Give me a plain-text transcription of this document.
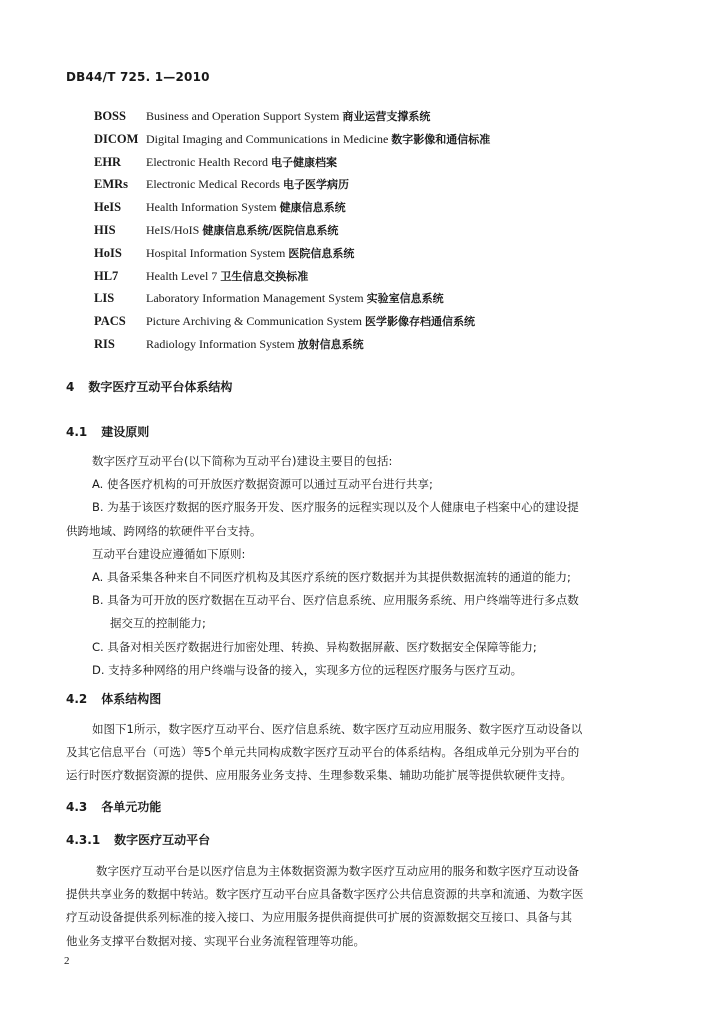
DB44/T 725. 1—2010
BOSS	Business and Operation Support System 商业运营支撑系统
DICOM Digital Imaging and Communications in Medicine 数字影像和通信标准
EHR	Electronic Health Record 电子健康档案
EMRs	Electronic Medical Records 电子医学病历
HeIS	Health Information System 健康信息系统
HIS	HeIS/HoIS 健康信息系统/医院信息系统
HoIS	Hospital Information System 医院信息系统
HL7	Health Level 7 卫生信息交换标准
LIS	Laboratory Information Management System 实验室信息系统
PACS	Picture Archiving & Communication System 医学影像存档通信系统
RIS	Radiology Information System 放射信息系统
4 数字医疗互动平台体系结构
4.1 建设原则
数字医疗互动平台(以下简称为互动平台)建设主要目的包括:
A. 使各医疗机构的可开放医疗数据资源可以通过互动平台进行共享;
B. 为基于该医疗数据的医疗服务开发、医疗服务的远程实现以及个人健康电子档案中心的建设提
供跨地域、跨网络的软硬件平台支持。
互动平台建设应遵循如下原则:
A. 具备采集各种来自不同医疗机构及其医疗系统的医疗数据并为其提供数据流转的通道的能力;
B. 具备为可开放的医疗数据在互动平台、医疗信息系统、应用服务系统、用户终端等进行多点数
据交互的控制能力;
C. 具备对相关医疗数据进行加密处理、转换、异构数据屏蔽、医疗数据安全保障等能力;
D. 支持多种网络的用户终端与设备的接入，实现多方位的远程医疗服务与医疗互动。
4.2 体系结构图
如图下1所示，数字医疗互动平台、医疗信息系统、数字医疗互动应用服务、数字医疗互动设备以
及其它信息平台（可选）等5个单元共同构成数字医疗互动平台的体系结构。各组成单元分别为平台的
运行时医疗数据资源的提供、应用服务业务支持、生理参数采集、辅助功能扩展等提供软硬件支持。
4.3 各单元功能
4.3.1 数字医疗互动平台
数字医疗互动平台是以医疗信息为主体数据资源为数字医疗互动应用的服务和数字医疗互动设备
提供共享业务的数据中转站。数字医疗互动平台应具备数字医疗公共信息资源的共享和流通、为数字医
疗互动设备提供系列标准的接入接口、为应用服务提供商提供可扩展的资源数据交互接口、具备与其
他业务支撑平台数据对接、实现平台业务流程管理等功能。
2
